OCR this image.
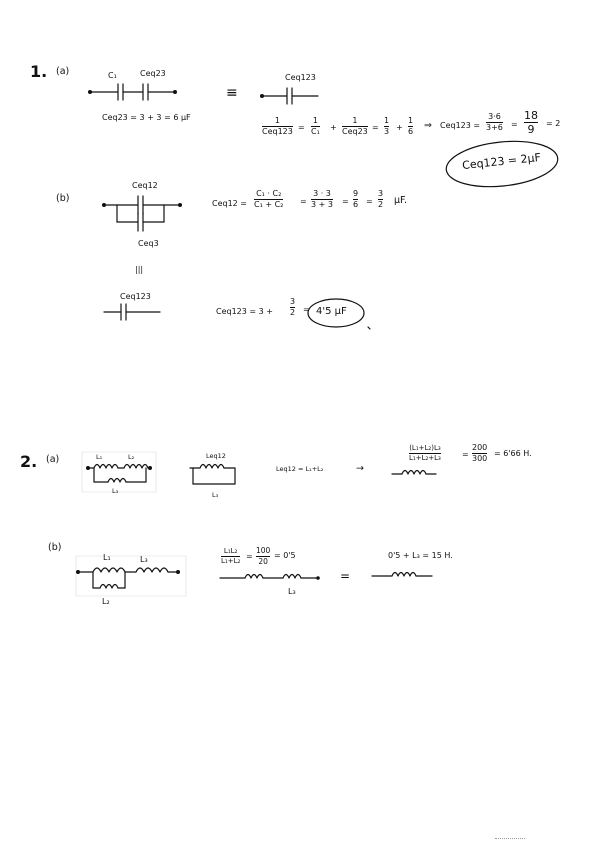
1. (a)	C₁	Ceq23
Ceq23 = 3 + 3 = 6 μF
≡
Ceq123
1
Ceq123 =
1
C₁ +
1
Ceq23 =
1
3 +
1
6
⇒ Ceq123 =
3·6
3+6 =
18
9 = 2
Ceq123 = 2μF
(b)
Ceq12
Ceq3
Ceq12 =
C₁ · C₂
C₁ + C₂ =
3 · 3
3 + 3 =
9
6 =
3
2 μF.
|||
Ceq123
Ceq123 = 3 +
3
2 = 4'5 μF
2. (a)	L₁	L₂
L₃
Leq12
L₃
Leq12 = L₁+L₂	→
(L₁+L₂)L₃
L₁+L₂+L₃	=
200
300
= 6'66 H.
(b)
L₁	L₃
L₂
L₁L₂
L₁+L₂ =
100
20
= 0'5
L₃
=
0'5 + L₃ = 15 H.
